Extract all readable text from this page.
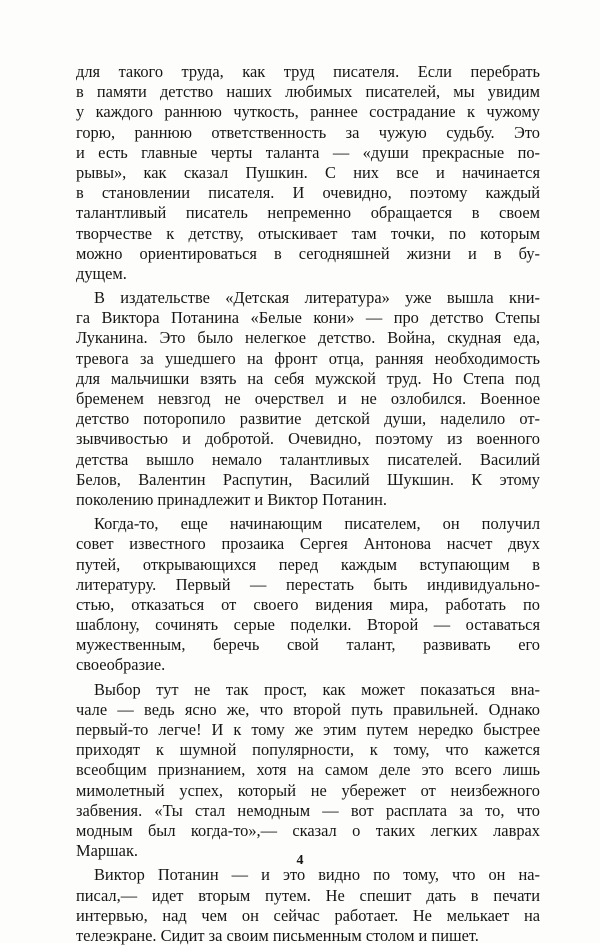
для такого труда, как труд писателя. Если перебрать
в памяти детство наших любимых писателей, мы увидим
у каждого раннюю чуткость, раннее сострадание к чужому
горю, раннюю ответственность за чужую судьбу. Это
и есть главные черты таланта — «души прекрасные по-
рывы», как сказал Пушкин. С них все и начинается
в становлении писателя. И очевидно, поэтому каждый
талантливый писатель непременно обращается в своем
творчестве к детству, отыскивает там точки, по которым
можно ориентироваться в сегодняшней жизни и в бу-
дущем.
В издательстве «Детская литература» уже вышла кни-
га Виктора Потанина «Белые кони» — про детство Степы
Луканина. Это было нелегкое детство. Война, скудная еда,
тревога за ушедшего на фронт отца, ранняя необходимость
для мальчишки взять на себя мужской труд. Но Степа под
бременем невзгод не очерствел и не озлобился. Военное
детство поторопило развитие детской души, наделило от-
зывчивостью и добротой. Очевидно, поэтому из военного
детства вышло немало талантливых писателей. Василий
Белов, Валентин Распутин, Василий Шукшин. К этому
поколению принадлежит и Виктор Потанин.
Когда-то, еще начинающим писателем, он получил
совет известного прозаика Сергея Антонова насчет двух
путей, открывающихся перед каждым вступающим в
литературу. Первый — перестать быть индивидуально-
стью, отказаться от своего видения мира, работать по
шаблону, сочинять серые поделки. Второй — оставаться
мужественным, беречь свой талант, развивать его
своеобразие.
Выбор тут не так прост, как может показаться вна-
чале — ведь ясно же, что второй путь правильней. Однако
первый-то легче! И к тому же этим путем нередко быстрее
приходят к шумной популярности, к тому, что кажется
всеобщим признанием, хотя на самом деле это всего лишь
мимолетный успех, который не убережет от неизбежного
забвения. «Ты стал немодным — вот расплата за то, что
модным был когда-то»,— сказал о таких легких лаврах
Маршак.
Виктор Потанин — и это видно по тому, что он на-
писал,— идет вторым путем. Не спешит дать в печати
интервью, над чем он сейчас работает. Не мелькает на
телеэкране. Сидит за своим письменным столом и пишет.
4
